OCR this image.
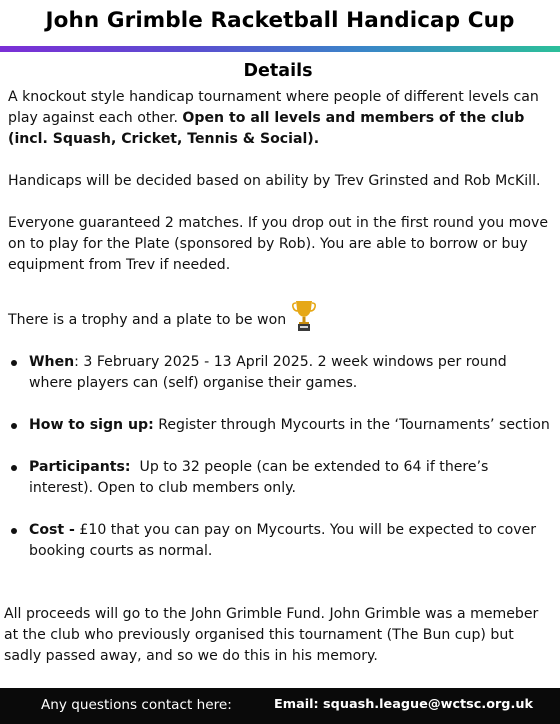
John Grimble Racketball Handicap Cup
Details

A knockout style handicap tournament where people of different levels can play against each other. Open to all levels and members of the club (incl. Squash, Cricket, Tennis & Social).

Handicaps will be decided based on ability by Trev Grinsted and Rob McKill.

Everyone guaranteed 2 matches. If you drop out in the first round you move on to play for the Plate (sponsored by Rob). You are able to borrow or buy equipment from Trev if needed.

There is a trophy and a plate to be won

When: 3 February 2025 - 13 April 2025. 2 week windows per round where players can (self) organise their games.
How to sign up: Register through Mycourts in the ‘Tournaments’ section
Participants:  Up to 32 people (can be extended to 64 if there’s interest). Open to club members only.
Cost - £10 that you can pay on Mycourts. You will be expected to cover booking courts as normal.
All proceeds will go to the John Grimble Fund. John Grimble was a memeber at the club who previously organised this tournament (The Bun cup) but sadly passed away, and so we do this in his memory.
Any questions contact here:	Email: squash.league@wctsc.org.uk
